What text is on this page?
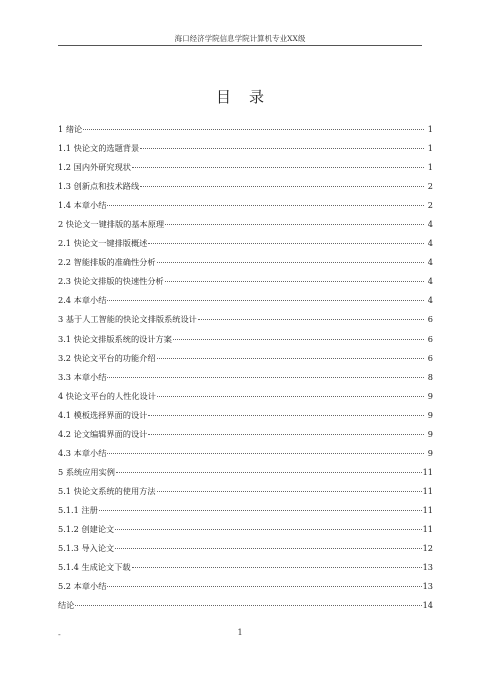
海口经济学院信息学院计算机专业XX级
目录
1 绪论	1
1.1 快论文的选题背景	1
1.2 国内外研究现状	1
1.3 创新点和技术路线	2
1.4 本章小结	2
2 快论文一键排版的基本原理	4
2.1 快论文一键排版概述	4
2.2 智能排版的准确性分析	4
2.3 快论文排版的快速性分析	4
2.4 本章小结	4
3 基于人工智能的快论文排版系统设计	6
3.1 快论文排版系统的设计方案	6
3.2 快论文平台的功能介绍	6
3.3 本章小结	8
4 快论文平台的人性化设计	9
4.1 模板选择界面的设计	9
4.2 论文编辑界面的设计	9
4.3 本章小结	9
5 系统应用实例	11
5.1 快论文系统的使用方法	11
5.1.1 注册	11
5.1.2 创建论文	11
5.1.3 导入论文	12
5.1.4 生成论文下载	13
5.2 本章小结	13
结论	14
-	1
